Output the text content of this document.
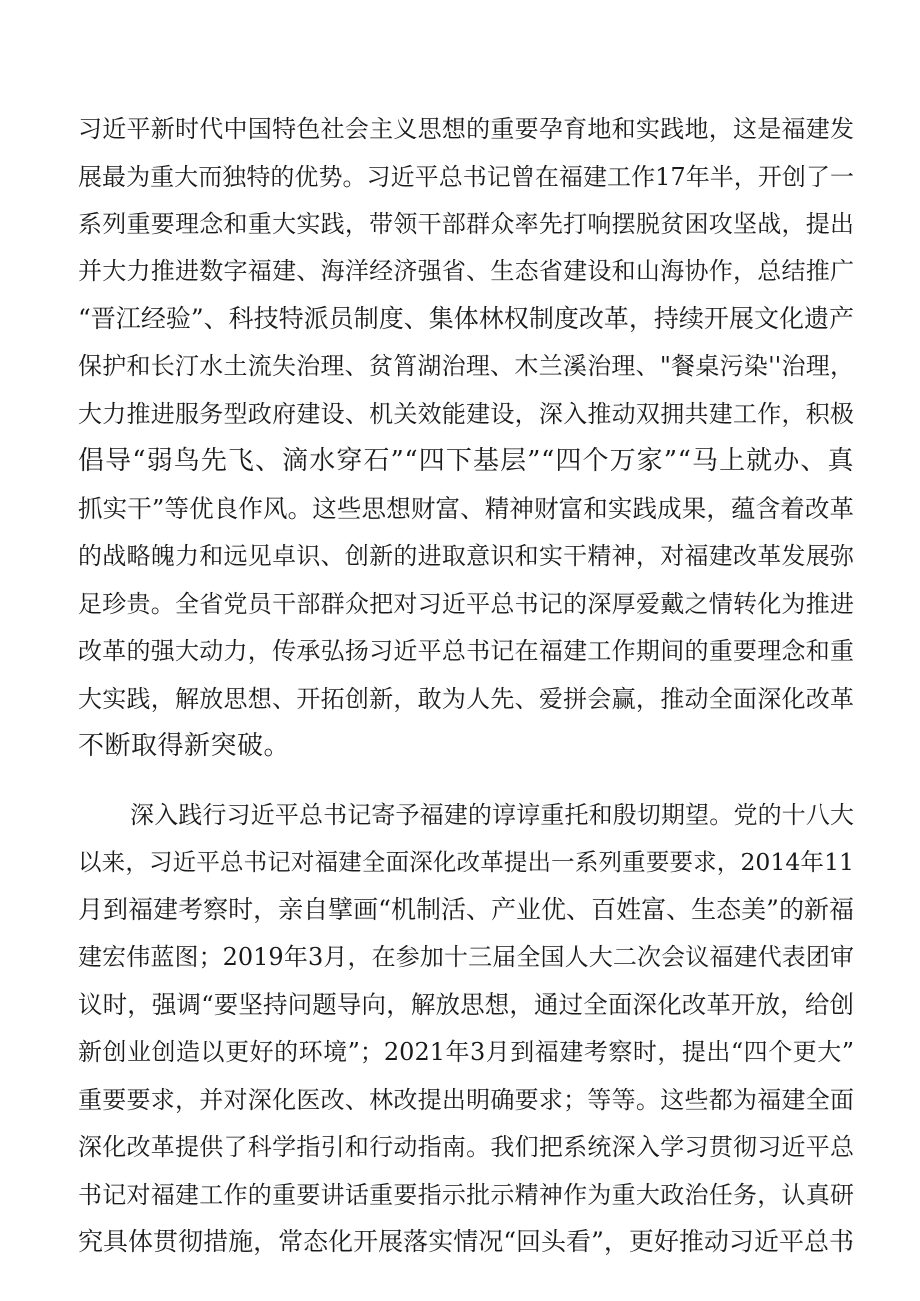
习近平新时代中国特色社会主义思想的重要孕育地和实践地，这是福建发
展最为重大而独特的优势。习近平总书记曾在福建工作17年半，开创了一
系列重要理念和重大实践，带领干部群众率先打响摆脱贫困攻坚战，提出
并大力推进数字福建、海洋经济强省、生态省建设和山海协作，总结推广
“晋江经验”、科技特派员制度、集体林权制度改革，持续开展文化遗产
保护和长汀水土流失治理、贫筲湖治理、木兰溪治理、"餐桌污染''治理，
大力推进服务型政府建设、机关效能建设，深入推动双拥共建工作，积极
倡导“弱鸟先飞、滴水穿石”“四下基层”“四个万家”“马上就办、真
抓实干”等优良作风。这些思想财富、精神财富和实践成果，蕴含着改革
的战略魄力和远见卓识、创新的进取意识和实干精神，对福建改革发展弥
足珍贵。全省党员干部群众把对习近平总书记的深厚爱戴之情转化为推进
改革的强大动力，传承弘扬习近平总书记在福建工作期间的重要理念和重
大实践，解放思想、开拓创新，敢为人先、爱拼会赢，推动全面深化改革
不断取得新突破。
深入践行习近平总书记寄予福建的谆谆重托和殷切期望。党的十八大
以来，习近平总书记对福建全面深化改革提出一系列重要要求，2014年11
月到福建考察时，亲自擘画“机制活、产业优、百姓富、生态美”的新福
建宏伟蓝图；2019年3月，在参加十三届全国人大二次会议福建代表团审
议时，强调“要坚持问题导向，解放思想，通过全面深化改革开放，给创
新创业创造以更好的环境”；2021年3月到福建考察时，提出“四个更大”
重要要求，并对深化医改、林改提出明确要求；等等。这些都为福建全面
深化改革提供了科学指引和行动指南。我们把系统深入学习贯彻习近平总
书记对福建工作的重要讲话重要指示批示精神作为重大政治任务，认真研
究具体贯彻措施，常态化开展落实情况“回头看”，更好推动习近平总书
